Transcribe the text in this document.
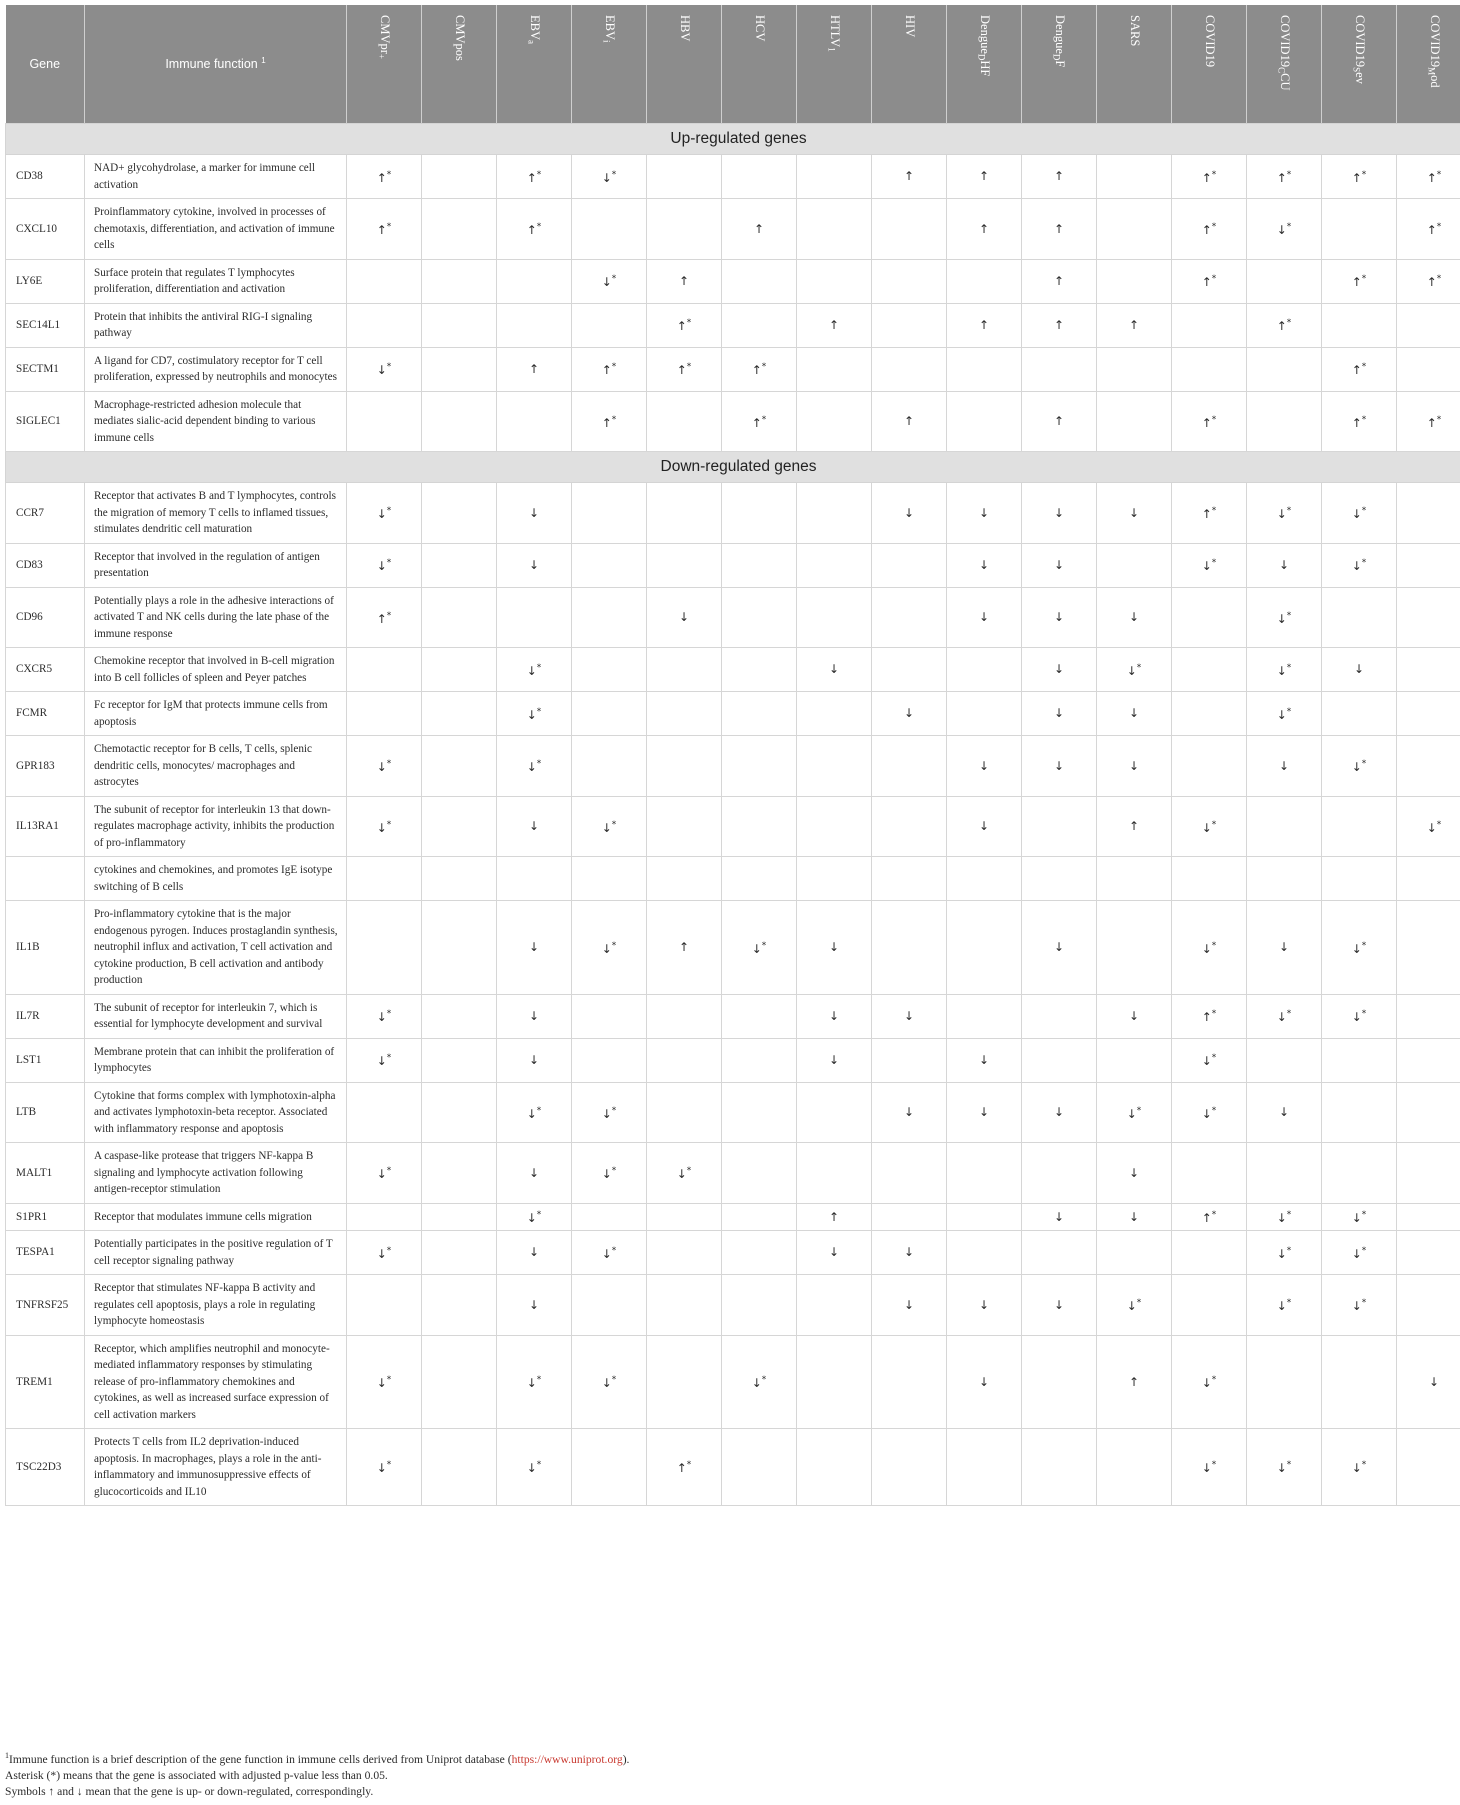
Gene	Immune function $^1$	CMVpr$_+$	CMVpos	$EBV_a$	$EBV_i$	HBV	HCV	$HTLV_1$	HIV	Dengue$_D$HF	Dengue$_D$F	SARS	COVID19	$COVID19_CCU$	$COVID19_Sev$	$COVID19_Mod$

Up-regulated genes																
CD38	NAD+ glycohydrolase, a marker for immune cell activation	↑*		↑*	↓*				↑	↑	↑		↑*	↑*	↑*	↑*
CXCL10	Proinflammatory cytokine, involved in processes of chemotaxis, differentiation, and activation of immune cells	↑*		↑*			↑			↑	↑		↑*	↓*		↑*
LY6E	Surface protein that regulates T lymphocytes proliferation, differentiation and activation				↓*	↑					↑		↑*		↑*	↑*
SEC14L1	Protein that inhibits the antiviral RIG-I signaling pathway					↑*		↑		↑	↑	↑		↑*		
SECTM1	A ligand for CD7, costimulatory receptor for T cell proliferation, expressed by neutrophils and monocytes	↓*		↑	↑*	↑*	↑*								↑*	
SIGLEC1	Macrophage-restricted adhesion molecule that mediates sialic-acid dependent binding to various immune cells				↑*		↑*		↑		↑		↑*		↑*	↑*
Down-regulated genes																
CCR7	Receptor that activates B and T lymphocytes, controls the migration of memory T cells to inflamed tissues, stimulates dendritic cell maturation	↓*		↓					↓	↓	↓	↓	↑*	↓*	↓*	
CD83	Receptor that involved in the regulation of antigen presentation	↓*		↓						↓	↓		↓*	↓	↓*	
CD96	Potentially plays a role in the adhesive interactions of activated T and NK cells during the late phase of the immune response	↑*				↓				↓	↓	↓		↓*		
CXCR5	Chemokine receptor that involved in B-cell migration into B cell follicles of spleen and Peyer patches			↓*				↓			↓	↓*		↓*	↓	
FCMR	Fc receptor for IgM that protects immune cells from apoptosis			↓*					↓		↓	↓		↓*		
GPR183	Chemotactic receptor for B cells, T cells, splenic dendritic cells, monocytes/ macrophages and astrocytes	↓*		↓*						↓	↓	↓		↓	↓*	
IL13RA1	The subunit of receptor for interleukin 13 that down-regulates macrophage activity, inhibits the production of pro-inflammatory	↓*		↓	↓*					↓		↑	↓*			↓*
	cytokines and chemokines, and promotes IgE isotype switching of B cells															
IL1B	Pro-inflammatory cytokine that is the major endogenous pyrogen. Induces prostaglandin synthesis, neutrophil influx and activation, T cell activation and cytokine production, B cell activation and antibody production			↓	↓*	↑	↓*	↓			↓		↓*	↓	↓*	
IL7R	The subunit of receptor for interleukin 7, which is essential for lymphocyte development and survival	↓*		↓				↓	↓			↓	↑*	↓*	↓*	
LST1	Membrane protein that can inhibit the proliferation of lymphocytes	↓*		↓				↓		↓			↓*			
LTB	Cytokine that forms complex with lymphotoxin-alpha and activates lymphotoxin-beta receptor. Associated with inflammatory response and apoptosis			↓*	↓*				↓	↓	↓	↓*	↓*	↓		
MALT1	A caspase-like protease that triggers NF-kappa B signaling and lymphocyte activation following antigen-receptor stimulation	↓*		↓	↓*	↓*						↓				
S1PR1	Receptor that modulates immune cells migration			↓*				↑			↓	↓	↑*	↓*	↓*	
TESPA1	Potentially participates in the positive regulation of T cell receptor signaling pathway	↓*		↓	↓*			↓	↓					↓*	↓*	
TNFRSF25	Receptor that stimulates NF-kappa B activity and regulates cell apoptosis, plays a role in regulating lymphocyte homeostasis			↓					↓	↓	↓	↓*		↓*	↓*	
TREM1	Receptor, which amplifies neutrophil and monocyte-mediated inflammatory responses by stimulating release of pro-inflammatory chemokines and cytokines, as well as increased surface expression of cell activation markers	↓*		↓*	↓*		↓*			↓		↑	↓*			↓
TSC22D3	Protects T cells from IL2 deprivation-induced apoptosis. In macrophages, plays a role in the anti-inflammatory and immunosuppressive effects of glucocorticoids and IL10	↓*		↓*		↑*							↓*	↓*	↓*	
$^1$Immune function is a brief description of the gene function in immune cells derived from Uniprot database (https://www.uniprot.org).
Asterisk (*) means that the gene is associated with adjusted p-value less than 0.05.
Symbols ↑ and ↓ mean that the gene is up- or down-regulated, correspondingly.
